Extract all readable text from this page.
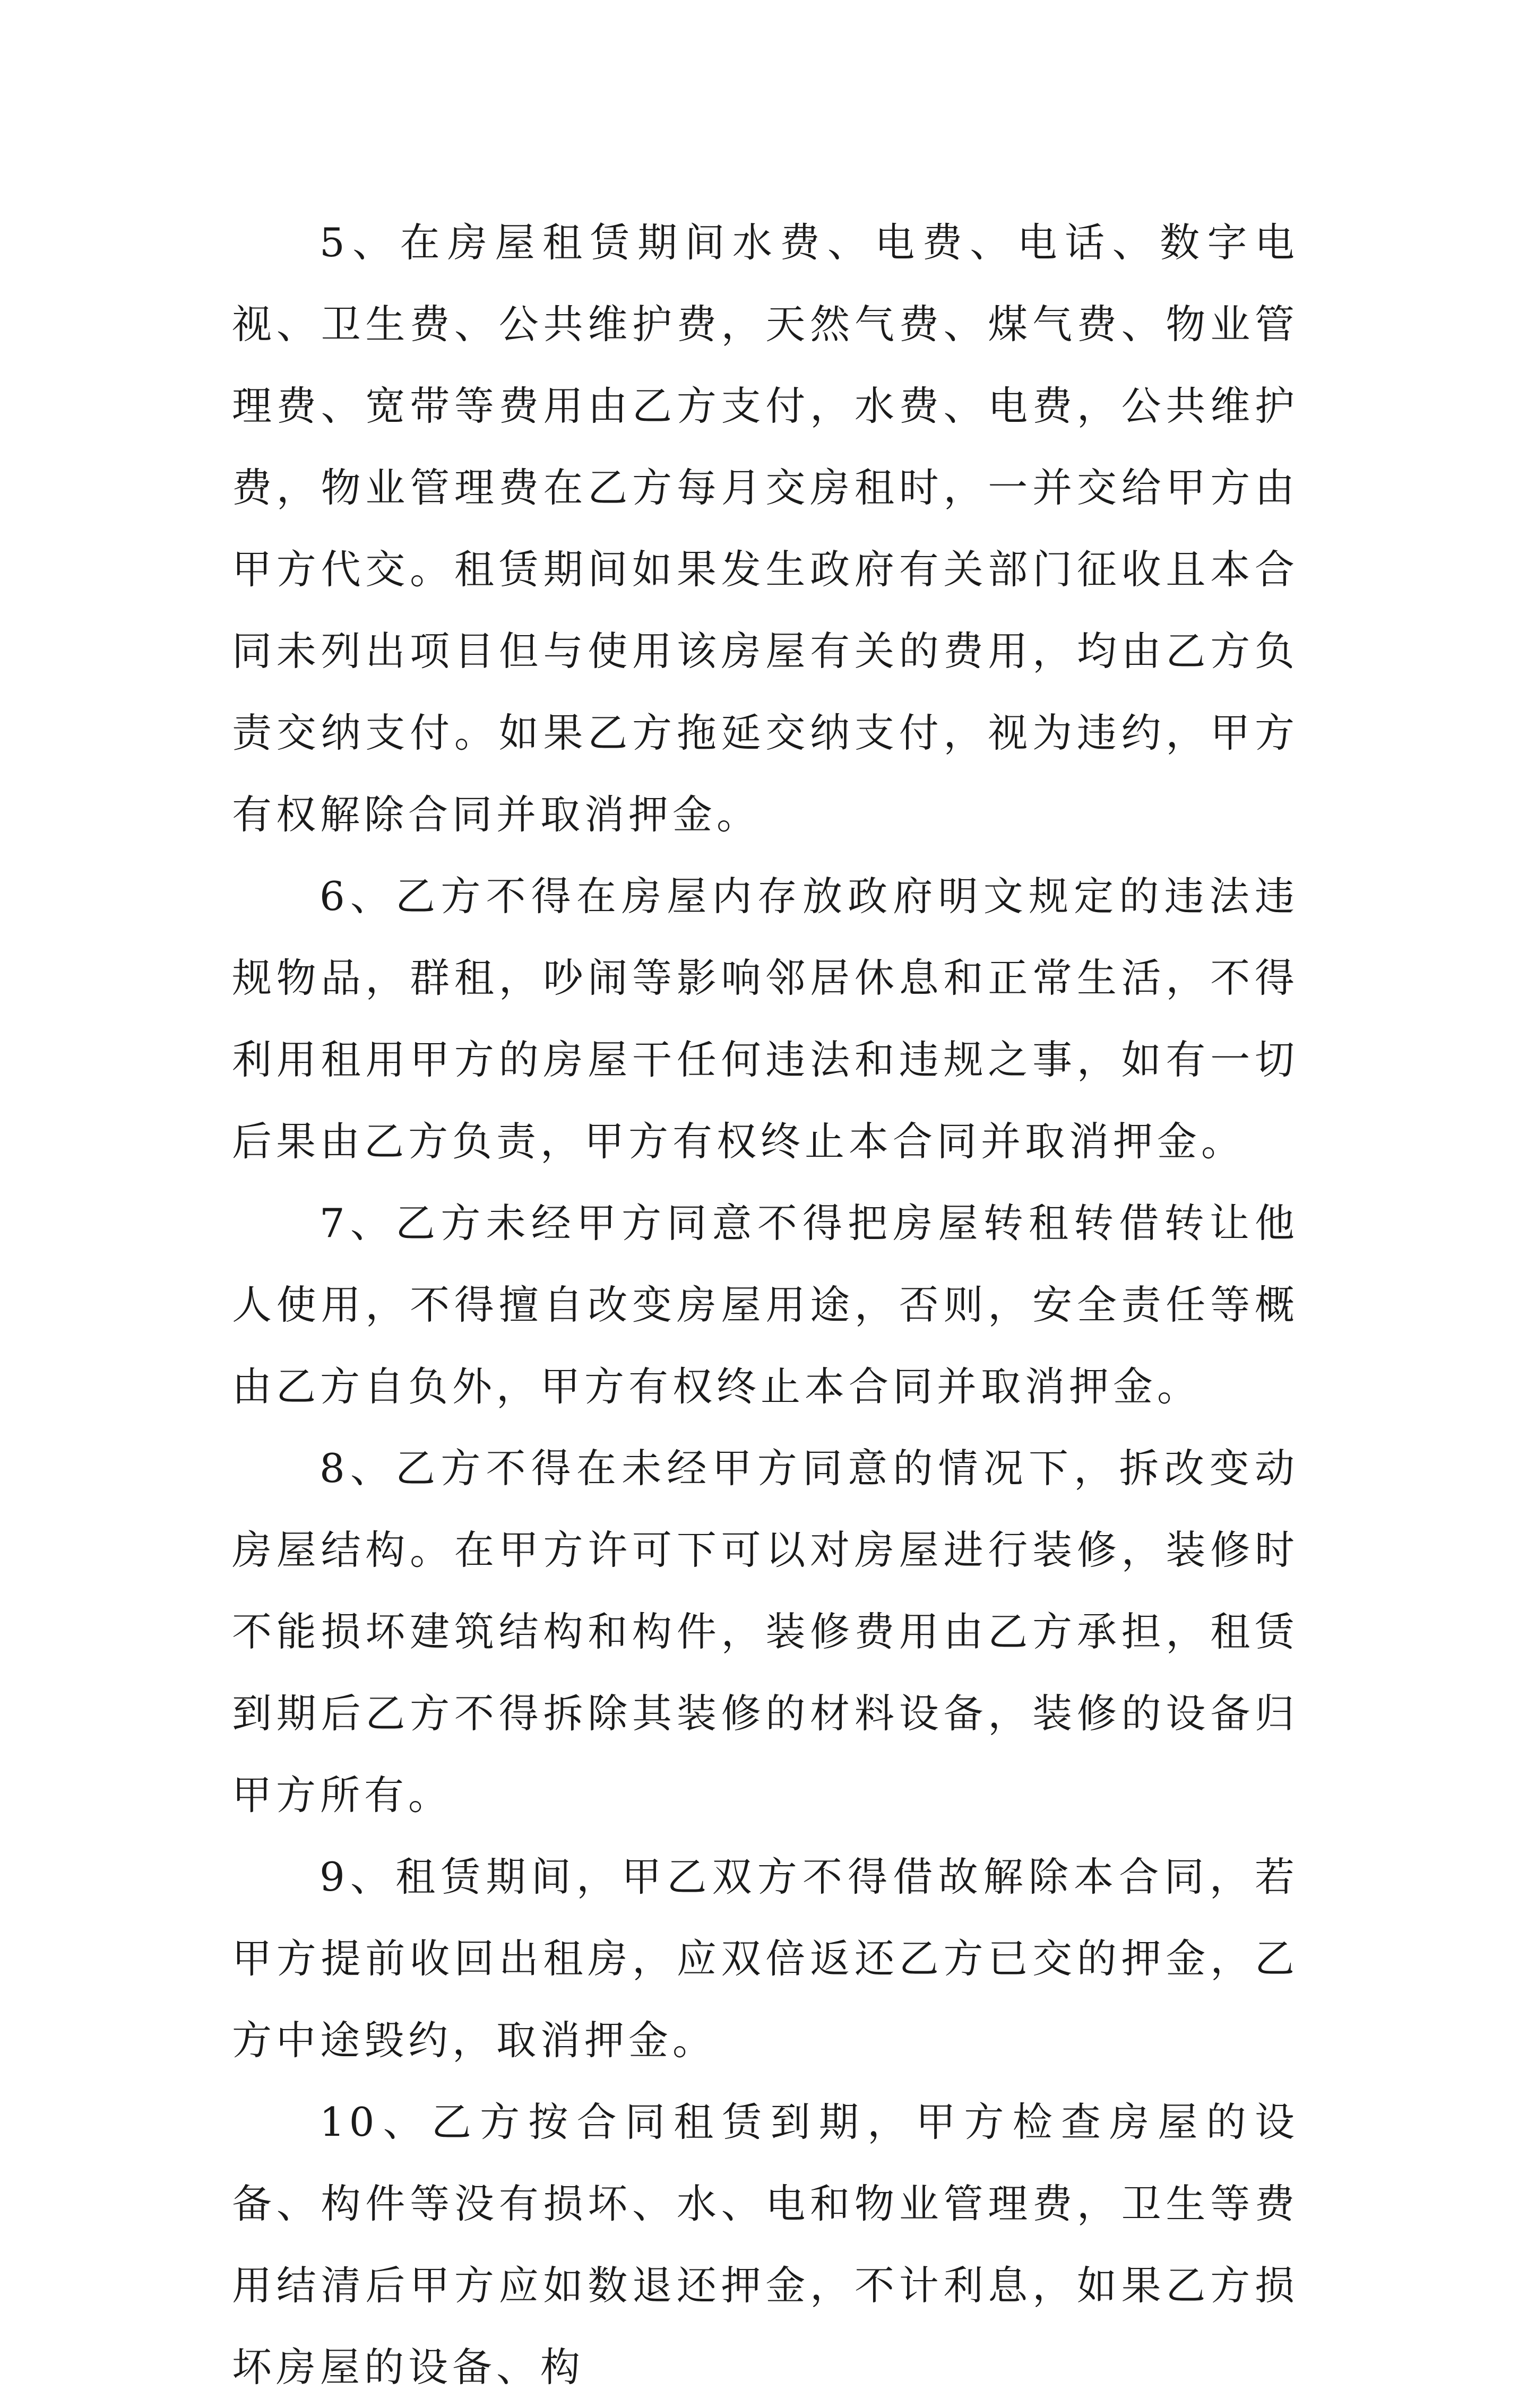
5、在房屋租赁期间水费、电费、电话、数字电视、卫生费、公共维护费，天然气费、煤气费、物业管理费、宽带等费用由乙方支付，水费、电费，公共维护费，物业管理费在乙方每月交房租时，一并交给甲方由甲方代交。租赁期间如果发生政府有关部门征收且本合同未列出项目但与使用该房屋有关的费用，均由乙方负责交纳支付。如果乙方拖延交纳支付，视为违约，甲方有权解除合同并取消押金。

6、乙方不得在房屋内存放政府明文规定的违法违规物品，群租，吵闹等影响邻居休息和正常生活，不得利用租用甲方的房屋干任何违法和违规之事，如有一切后果由乙方负责，甲方有权终止本合同并取消押金。

7、乙方未经甲方同意不得把房屋转租转借转让他人使用，不得擅自改变房屋用途，否则，安全责任等概由乙方自负外，甲方有权终止本合同并取消押金。

8、乙方不得在未经甲方同意的情况下，拆改变动房屋结构。在甲方许可下可以对房屋进行装修，装修时不能损坏建筑结构和构件，装修费用由乙方承担，租赁到期后乙方不得拆除其装修的材料设备，装修的设备归甲方所有。

9、租赁期间，甲乙双方不得借故解除本合同，若甲方提前收回出租房，应双倍返还乙方已交的押金，乙方中途毁约，取消押金。

10、乙方按合同租赁到期，甲方检查房屋的设备、构件等没有损坏、水、电和物业管理费，卫生等费用结清后甲方应如数退还押金，不计利息，如果乙方损坏房屋的设备、构
